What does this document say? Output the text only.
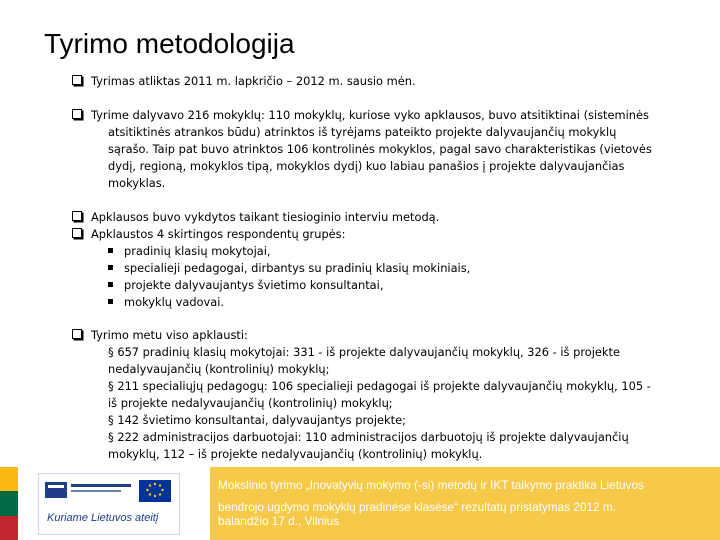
Tyrimo metodologija
Tyrimas atliktas 2011 m. lapkričio – 2012 m. sausio mėn.
Tyrime dalyvavo 216 mokyklų: 110 mokyklų, kuriose vyko apklausos, buvo atsitiktinai (sisteminės
atsitiktinės atrankos būdu) atrinktos iš tyrėjams pateikto projekte dalyvaujančių mokyklų
sąrašo. Taip pat buvo atrinktos 106 kontrolinės mokyklos, pagal savo charakteristikas (vietovės
dydį, regioną, mokyklos tipą, mokyklos dydį) kuo labiau panašios į projekte dalyvaujančias
mokyklas.
Apklausos buvo vykdytos taikant tiesioginio interviu metodą.
Apklaustos 4 skirtingos respondentų grupės:
pradinių klasių mokytojai,
specialieji pedagogai, dirbantys su pradinių klasių mokiniais,
projekte dalyvaujantys švietimo konsultantai,
mokyklų vadovai.
Tyrimo metu viso apklausti:
§ 657 pradinių klasių mokytojai: 331 - iš projekte dalyvaujančių mokyklų, 326 - iš projekte
nedalyvaujančių (kontrolinių) mokyklų;
§ 211 specialiųjų pedagogų: 106 specialieji pedagogai iš projekte dalyvaujančių mokyklų, 105 -
iš projekte nedalyvaujančių (kontrolinių) mokyklų;
§ 142 švietimo konsultantai, dalyvaujantys projekte;
§ 222 administracijos darbuotojai: 110 administracijos darbuotojų iš projekte dalyvaujančių
mokyklų, 112 – iš projekte nedalyvaujančių (kontrolinių) mokyklų.
Kuriame Lietuvos ateitį
Mokslinio tyrimo „Inovatyvių mokymo (-si) metodų ir IKT taikymo praktika Lietuvos
bendrojo ugdymo mokyklų pradinėse klasėse“ rezultatų pristatymas 2012 m.
balandžio 17 d., Vilnius
